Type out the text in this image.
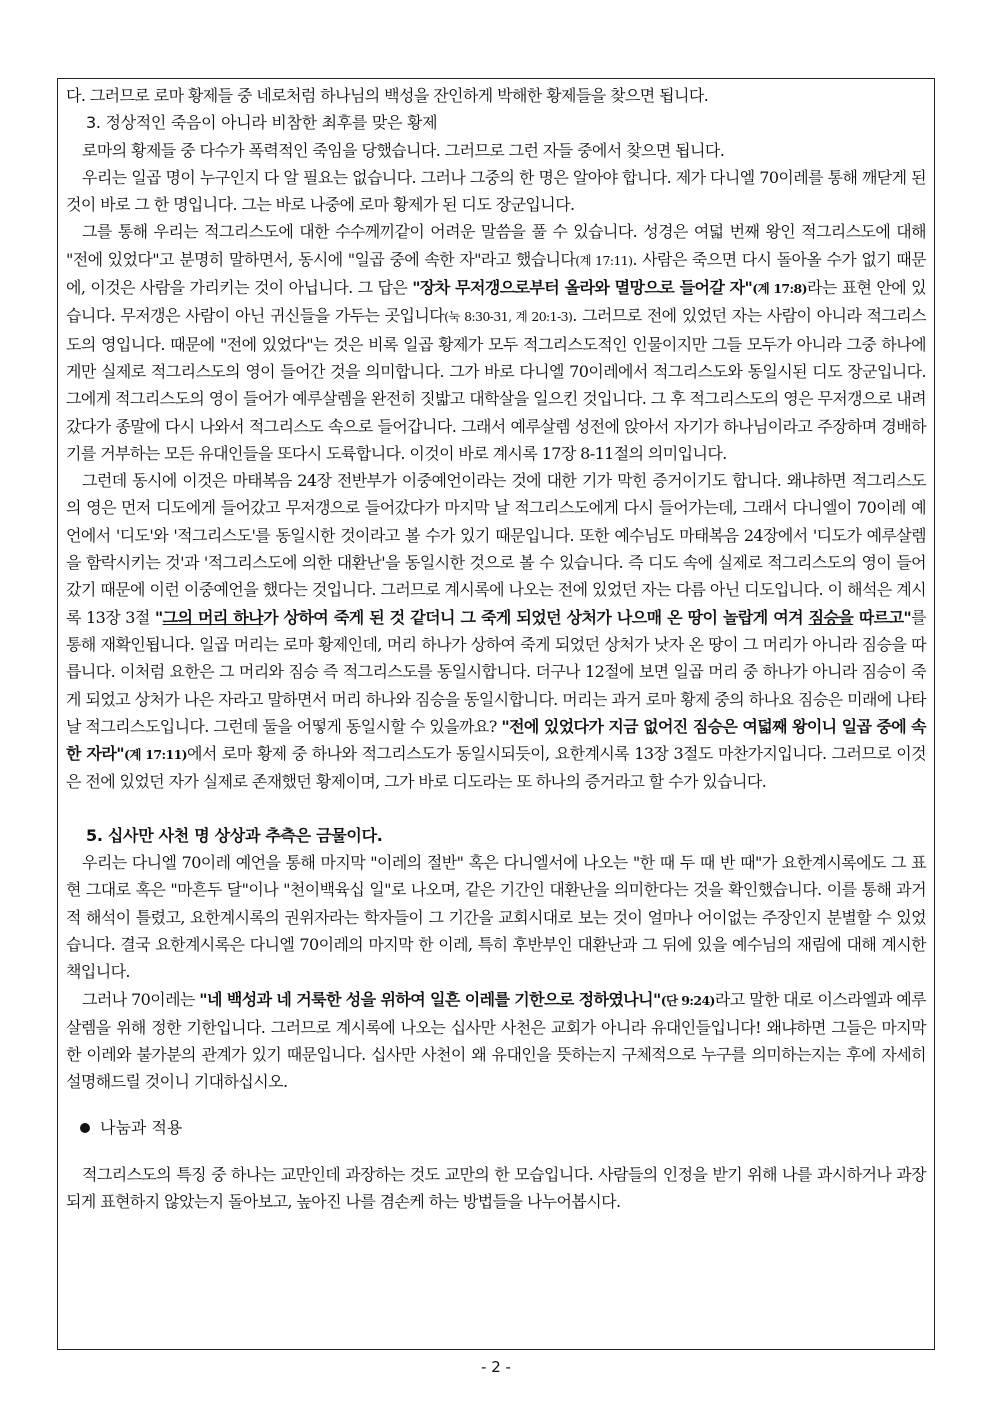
다. 그러므로 로마 황제들 중 네로처럼 하나님의 백성을 잔인하게 박해한 황제들을 찾으면 됩니다.

3. 정상적인 죽음이 아니라 비참한 최후를 맞은 황제

로마의 황제들 중 다수가 폭력적인 죽임을 당했습니다. 그러므로 그런 자들 중에서 찾으면 됩니다.

우리는 일곱 명이 누구인지 다 알 필요는 없습니다. 그러나 그중의 한 명은 알아야 합니다. 제가 다니엘 70이레를 통해 깨닫게 된 것이 바로 그 한 명입니다. 그는 바로 나중에 로마 황제가 된 디도 장군입니다.

그를 통해 우리는 적그리스도에 대한 수수께끼같이 어려운 말씀을 풀 수 있습니다. 성경은 여덟 번째 왕인 적그리스도에 대해 "전에 있었다"고 분명히 말하면서, 동시에 "일곱 중에 속한 자"라고 했습니다(계 17:11). 사람은 죽으면 다시 돌아올 수가 없기 때문에, 이것은 사람을 가리키는 것이 아닙니다. 그 답은 "장차 무저갱으로부터 올라와 멸망으로 들어갈 자"(계 17:8)라는 표현 안에 있습니다. 무저갱은 사람이 아닌 귀신들을 가두는 곳입니다(눅 8:30-31, 계 20:1-3). 그러므로 전에 있었던 자는 사람이 아니라 적그리스도의 영입니다. 때문에 "전에 있었다"는 것은 비록 일곱 황제가 모두 적그리스도적인 인물이지만 그들 모두가 아니라 그중 하나에게만 실제로 적그리스도의 영이 들어간 것을 의미합니다. 그가 바로 다니엘 70이레에서 적그리스도와 동일시된 디도 장군입니다. 그에게 적그리스도의 영이 들어가 예루살렘을 완전히 짓밟고 대학살을 일으킨 것입니다. 그 후 적그리스도의 영은 무저갱으로 내려갔다가 종말에 다시 나와서 적그리스도 속으로 들어갑니다. 그래서 예루살렘 성전에 앉아서 자기가 하나님이라고 주장하며 경배하기를 거부하는 모든 유대인들을 또다시 도륙합니다. 이것이 바로 계시록 17장 8-11절의 의미입니다.

그런데 동시에 이것은 마태복음 24장 전반부가 이중예언이라는 것에 대한 기가 막힌 증거이기도 합니다. 왜냐하면 적그리스도의 영은 먼저 디도에게 들어갔고 무저갱으로 들어갔다가 마지막 날 적그리스도에게 다시 들어가는데, 그래서 다니엘이 70이레 예언에서 '디도'와 '적그리스도'를 동일시한 것이라고 볼 수가 있기 때문입니다. 또한 예수님도 마태복음 24장에서 '디도가 예루살렘을 함락시키는 것'과 '적그리스도에 의한 대환난'을 동일시한 것으로 볼 수 있습니다. 즉 디도 속에 실제로 적그리스도의 영이 들어갔기 때문에 이런 이중예언을 했다는 것입니다. 그러므로 계시록에 나오는 전에 있었던 자는 다름 아닌 디도입니다. 이 해석은 계시록 13장 3절 "그의 머리 하나가 상하여 죽게 된 것 같더니 그 죽게 되었던 상처가 나으매 온 땅이 놀랍게 여겨 짐승을 따르고"를 통해 재확인됩니다. 일곱 머리는 로마 황제인데, 머리 하나가 상하여 죽게 되었던 상처가 낫자 온 땅이 그 머리가 아니라 짐승을 따릅니다. 이처럼 요한은 그 머리와 짐승 즉 적그리스도를 동일시합니다. 더구나 12절에 보면 일곱 머리 중 하나가 아니라 짐승이 죽게 되었고 상처가 나은 자라고 말하면서 머리 하나와 짐승을 동일시합니다. 머리는 과거 로마 황제 중의 하나요 짐승은 미래에 나타날 적그리스도입니다. 그런데 둘을 어떻게 동일시할 수 있을까요? "전에 있었다가 지금 없어진 짐승은 여덟째 왕이니 일곱 중에 속한 자라"(계 17:11)에서 로마 황제 중 하나와 적그리스도가 동일시되듯이, 요한계시록 13장 3절도 마찬가지입니다. 그러므로 이것은 전에 있었던 자가 실제로 존재했던 황제이며, 그가 바로 디도라는 또 하나의 증거라고 할 수가 있습니다.

5. 십사만 사천 명 상상과 추측은 금물이다.

우리는 다니엘 70이레 예언을 통해 마지막 "이레의 절반" 혹은 다니엘서에 나오는 "한 때 두 때 반 때"가 요한계시록에도 그 표현 그대로 혹은 "마흔두 달"이나 "천이백육십 일"로 나오며, 같은 기간인 대환난을 의미한다는 것을 확인했습니다. 이를 통해 과거적 해석이 틀렸고, 요한계시록의 권위자라는 학자들이 그 기간을 교회시대로 보는 것이 얼마나 어이없는 주장인지 분별할 수 있었습니다. 결국 요한계시록은 다니엘 70이레의 마지막 한 이레, 특히 후반부인 대환난과 그 뒤에 있을 예수님의 재림에 대해 계시한 책입니다.

그러나 70이레는 "네 백성과 네 거룩한 성을 위하여 일흔 이레를 기한으로 정하였나니"(단 9:24)라고 말한 대로 이스라엘과 예루살렘을 위해 정한 기한입니다. 그러므로 계시록에 나오는 십사만 사천은 교회가 아니라 유대인들입니다! 왜냐하면 그들은 마지막 한 이레와 불가분의 관계가 있기 때문입니다. 십사만 사천이 왜 유대인을 뜻하는지 구체적으로 누구를 의미하는지는 후에 자세히 설명해드릴 것이니 기대하십시오.

나눔과 적용

적그리스도의 특징 중 하나는 교만인데 과장하는 것도 교만의 한 모습입니다. 사람들의 인정을 받기 위해 나를 과시하거나 과장되게 표현하지 않았는지 돌아보고, 높아진 나를 겸손케 하는 방법들을 나누어봅시다.

- 2 -
